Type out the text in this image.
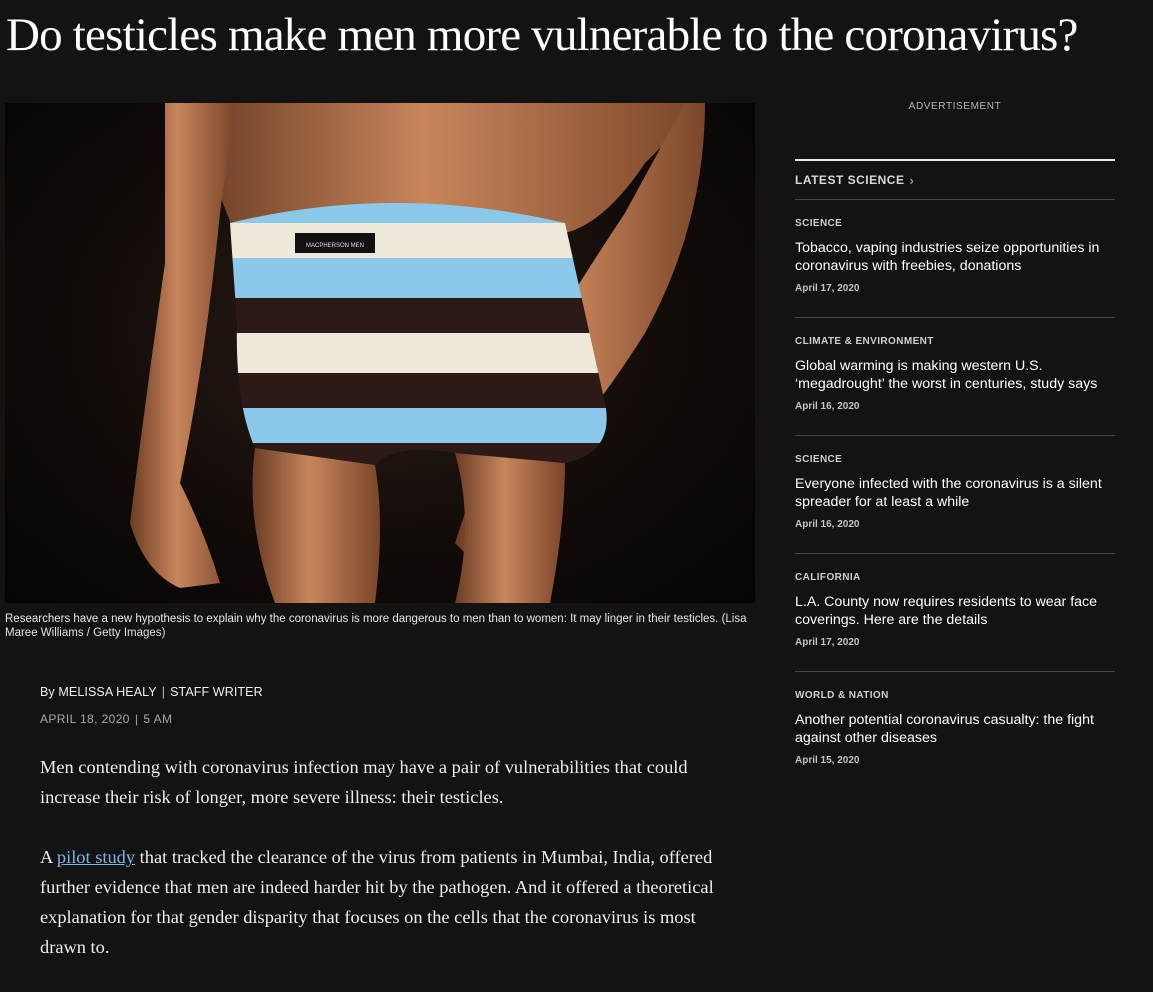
Do testicles make men more vulnerable to the coronavirus?
MACPHERSON MEN
Researchers have a new hypothesis to explain why the coronavirus is more dangerous to men than to women: It may linger in their testicles. (Lisa Maree Williams / Getty Images)
By MELISSA HEALY | STAFF WRITER
APRIL 18, 2020 | 5 AM

Men contending with coronavirus infection may have a pair of vulnerabilities that could increase their risk of longer, more severe illness: their testicles.

A pilot study that tracked the clearance of the virus from patients in Mumbai, India, offered further evidence that men are indeed harder hit by the pathogen. And it offered a theoretical explanation for that gender disparity that focuses on the cells that the coronavirus is most drawn to.

ADVERTISEMENT
LATEST SCIENCE ›
SCIENCE
Tobacco, vaping industries seize opportunities in coronavirus with freebies, donations
April 17, 2020
CLIMATE & ENVIRONMENT
Global warming is making western U.S. ‘megadrought’ the worst in centuries, study says
April 16, 2020
SCIENCE
Everyone infected with the coronavirus is a silent spreader for at least a while
April 16, 2020
CALIFORNIA
L.A. County now requires residents to wear face coverings. Here are the details
April 17, 2020
WORLD & NATION
Another potential coronavirus casualty: the fight against other diseases
April 15, 2020
